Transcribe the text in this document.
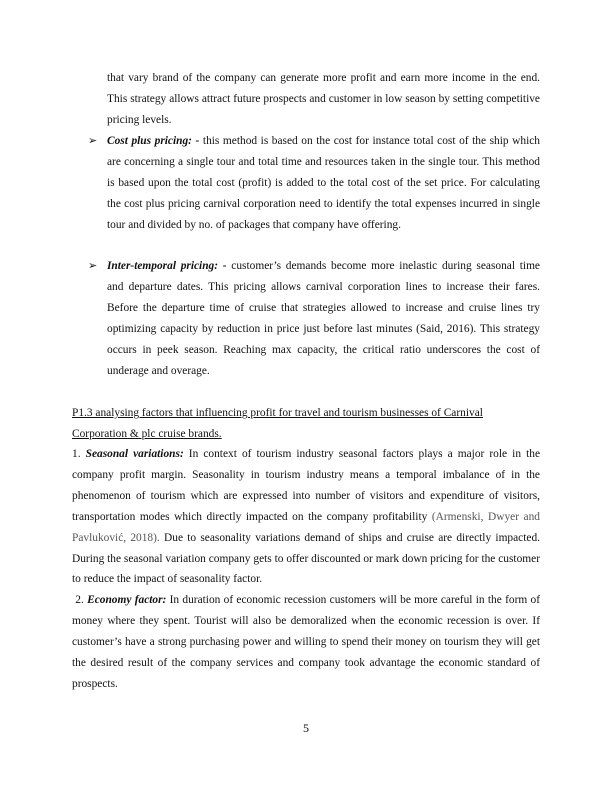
that vary brand of the company can generate more profit and earn more income in the end. This strategy allows attract future prospects and customer in low season by setting competitive pricing levels.
➢ Cost plus pricing: - this method is based on the cost for instance total cost of the ship which are concerning a single tour and total time and resources taken in the single tour. This method is based upon the total cost (profit) is added to the total cost of the set price. For calculating the cost plus pricing carnival corporation need to identify the total expenses incurred in single tour and divided by no. of packages that company have offering.
➢ Inter-temporal pricing: - customer’s demands become more inelastic during seasonal time and departure dates. This pricing allows carnival corporation lines to increase their fares. Before the departure time of cruise that strategies allowed to increase and cruise lines try optimizing capacity by reduction in price just before last minutes (Said, 2016). This strategy occurs in peek season. Reaching max capacity, the critical ratio underscores the cost of underage and overage.
P1.3 analysing factors that influencing profit for travel and tourism businesses of Carnival Corporation & plc cruise brands.
1. Seasonal variations: In context of tourism industry seasonal factors plays a major role in the company profit margin. Seasonality in tourism industry means a temporal imbalance of in the phenomenon of tourism which are expressed into number of visitors and expenditure of visitors, transportation modes which directly impacted on the company profitability (Armenski, Dwyer and Pavluković, 2018). Due to seasonality variations demand of ships and cruise are directly impacted. During the seasonal variation company gets to offer discounted or mark down pricing for the customer to reduce the impact of seasonality factor.
2. Economy factor: In duration of economic recession customers will be more careful in the form of money where they spent. Tourist will also be demoralized when the economic recession is over. If customer’s have a strong purchasing power and willing to spend their money on tourism they will get the desired result of the company services and company took advantage the economic standard of prospects.
5
